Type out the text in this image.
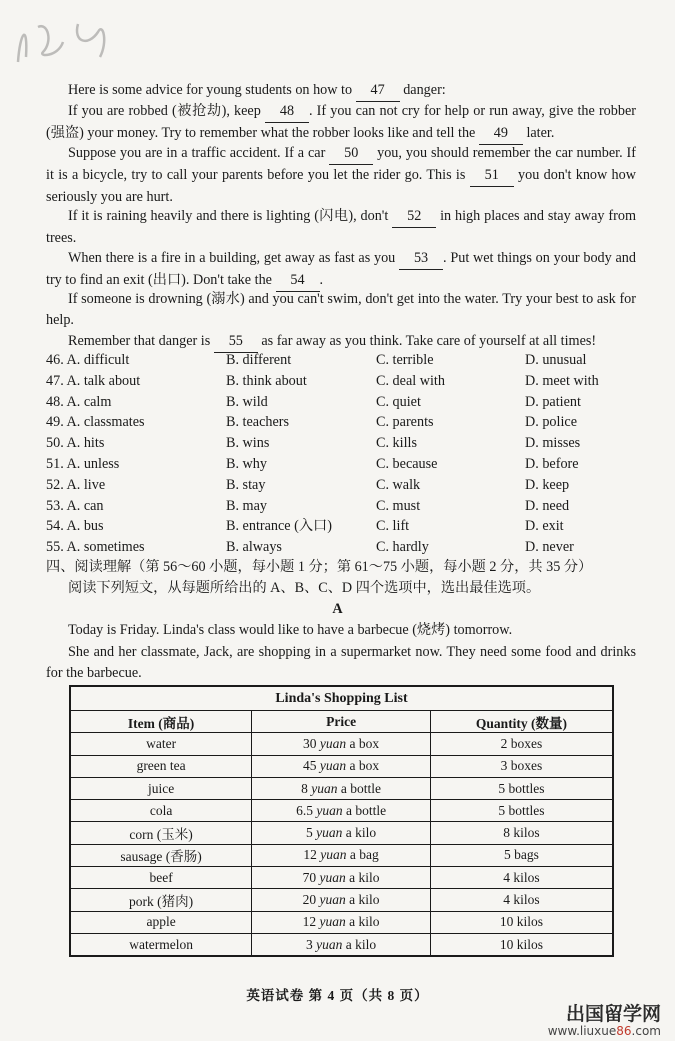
Here is some advice for young students on how to 47 danger:
If you are robbed (被抢劫), keep 48 . If you can not cry for help or run away, give the robber (强盗) your money. Try to remember what the robber looks like and tell the 49 later.
Suppose you are in a traffic accident. If a car 50 you, you should remember the car number. If it is a bicycle, try to call your parents before you let the rider go. This is 51 you don't know how seriously you are hurt.
If it is raining heavily and there is lighting (闪电), don't 52 in high places and stay away from trees.
When there is a fire in a building, get away as fast as you 53 . Put wet things on your body and try to find an exit (出口). Don't take the 54 .
If someone is drowning (溺水) and you can't swim, don't get into the water. Try your best to ask for help.
Remember that danger is 55 as far away as you think. Take care of yourself at all times!
46. A. difficult	B. different	C. terrible	D. unusual
47. A. talk about	B. think about	C. deal with	D. meet with
48. A. calm	B. wild	C. quiet	D. patient
49. A. classmates	B. teachers	C. parents	D. police
50. A. hits	B. wins	C. kills	D. misses
51. A. unless	B. why	C. because	D. before
52. A. live	B. stay	C. walk	D. keep
53. A. can	B. may	C. must	D. need
54. A. bus	B. entrance (入口)	C. lift	D. exit
55. A. sometimes	B. always	C. hardly	D. never
四、阅读理解（第 56～60 小题，每小题 1 分；第 61～75 小题，每小题 2 分，共 35 分）
阅读下列短文，从每题所给出的 A、B、C、D 四个选项中，选出最佳选项。
A
Today is Friday. Linda's class would like to have a barbecue (烧烤) tomorrow.
She and her classmate, Jack, are shopping in a supermarket now. They need some food and drinks for the barbecue.
Linda's Shopping List		
Item (商品)	Price	Quantity (数量)
water	30 yuan a box	2 boxes
green tea	45 yuan a box	3 boxes
juice	8 yuan a bottle	5 bottles
cola	6.5 yuan a bottle	5 bottles
corn (玉米)	5 yuan a kilo	8 kilos
sausage (香肠)	12 yuan a bag	5 bags
beef	70 yuan a kilo	4 kilos
pork (猪肉)	20 yuan a kilo	4 kilos
apple	12 yuan a kilo	10 kilos
watermelon	3 yuan a kilo	10 kilos
英语试卷 第 4 页（共 8 页）
出国留学网
www.liuxue86.com
